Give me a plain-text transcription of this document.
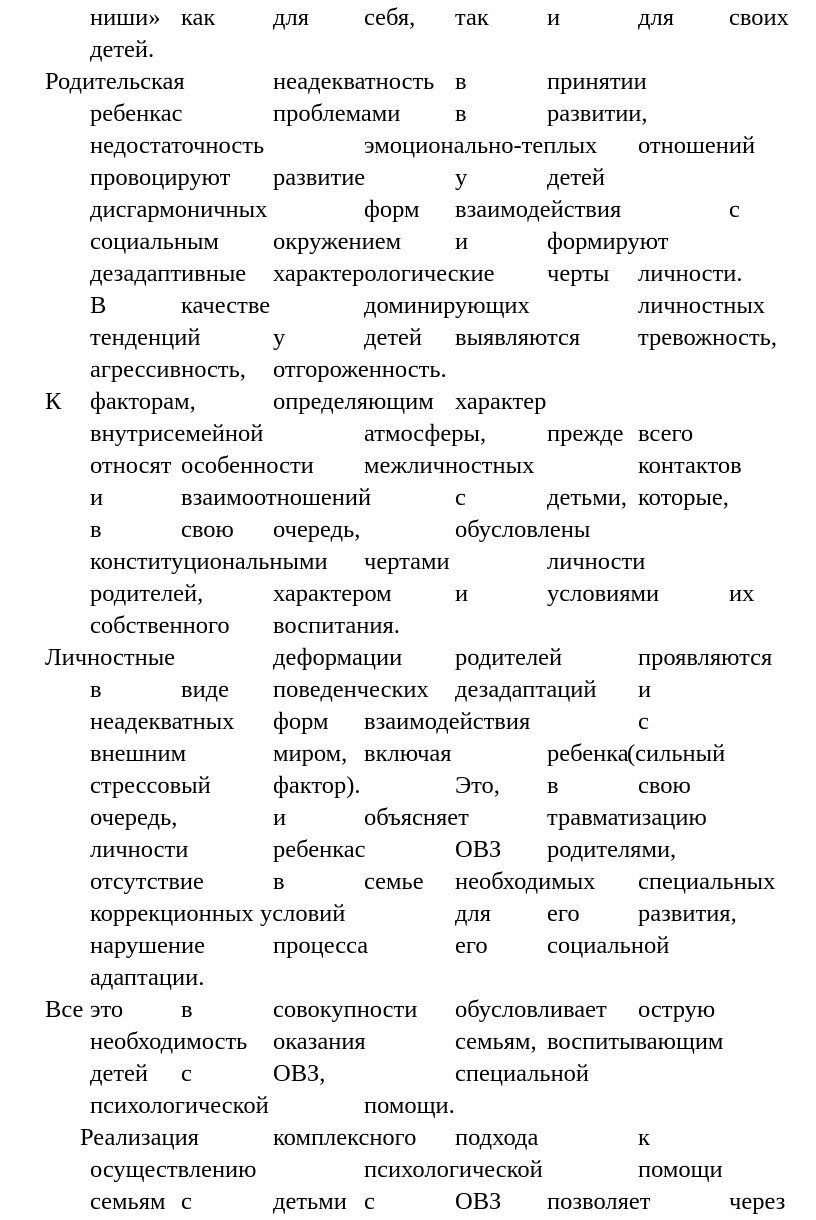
ниши» как для себя, так и	для своих
детей.
Родительская	неадекватность в	принятии
ребенкас	проблемами в	развитии,
недостаточность	эмоционально-теплых отношений
провоцируют развитие	у	детей
дисгармоничных	форм взаимодействия	с
социальным окружением и	формируют
дезадаптивные характерологические черты личности.
В	качестве	доминирующих	личностных
тенденций	у	детей выявляются тревожность,
агрессивность, отгороженность.
К факторам,	определяющим характер
внутрисемейной	атмосферы, прежде всего
относят особенности межличностных	контактов
и	взаимоотношений	с	детьми, которые,
в	свою очередь,	обусловлены
конституциональными чертами	личности
родителей,	характером	и	условиями	их
собственного воспитания.
Личностные	деформации родителей	проявляются
в	виде поведенческих дезадаптаций и
неадекватных форм взаимодействия	с
внешним	миром, включая	ребенка
(сильный
стрессовый	фактор).	Это, в	свою
очередь,	и	объясняет	травматизацию
личности	ребенкас	ОВЗ родителями,
отсутствие	в	семье необходимых специальных
коррекционных условий	для его развития,
нарушение	процесса	его социальной
адаптации.
Все это в	совокупности обусловливает острую
необходимость оказания	семьям, воспитывающим
детей с	ОВЗ,	специальной
психологической	помощи.
Реализация	комплексного подхода	к
осуществлению	психологической	помощи
семьям с	детьми с	ОВЗ позволяет	через
